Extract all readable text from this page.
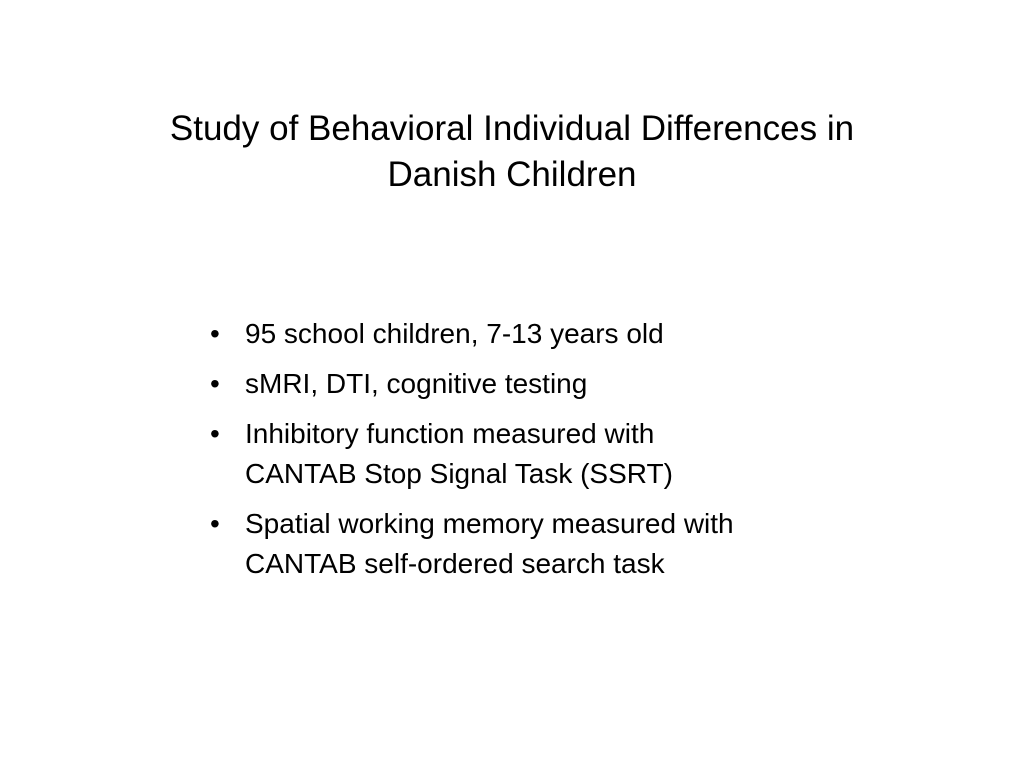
Study of Behavioral Individual Differences in
Danish Children
• 95 school children, 7-13 years old
• sMRI, DTI, cognitive testing
• Inhibitory function measured with
CANTAB Stop Signal Task (SSRT)
• Spatial working memory measured with
CANTAB self-ordered search task
